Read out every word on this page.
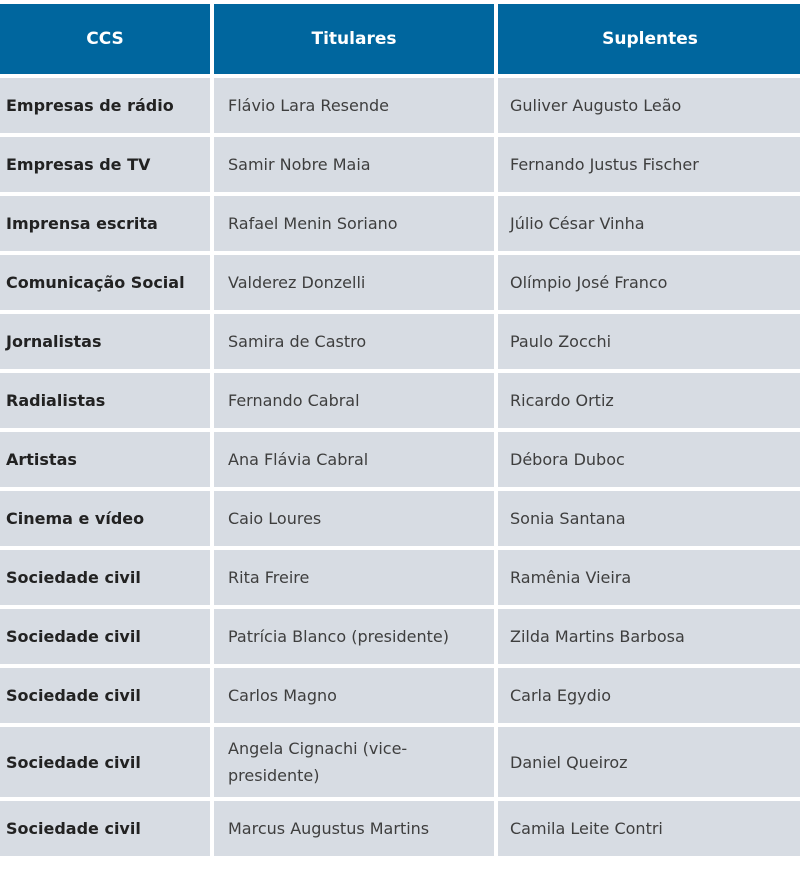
CCS	Titulares	Suplentes
Empresas de rádio	Flávio Lara Resende	Guliver Augusto Leão
Empresas de TV	Samir Nobre Maia	Fernando Justus Fischer
Imprensa escrita	Rafael Menin Soriano	Júlio César Vinha
Comunicação Social	Valderez Donzelli	Olímpio José Franco
Jornalistas	Samira de Castro	Paulo Zocchi
Radialistas	Fernando Cabral	Ricardo Ortiz
Artistas	Ana Flávia Cabral	Débora Duboc
Cinema e vídeo	Caio Loures	Sonia Santana
Sociedade civil	Rita Freire	Ramênia Vieira
Sociedade civil	Patrícia Blanco (presidente)	Zilda Martins Barbosa
Sociedade civil	Carlos Magno	Carla Egydio
Sociedade civil	Angela Cignachi (vice-presidente)	Daniel Queiroz
Sociedade civil	Marcus Augustus Martins	Camila Leite Contri
